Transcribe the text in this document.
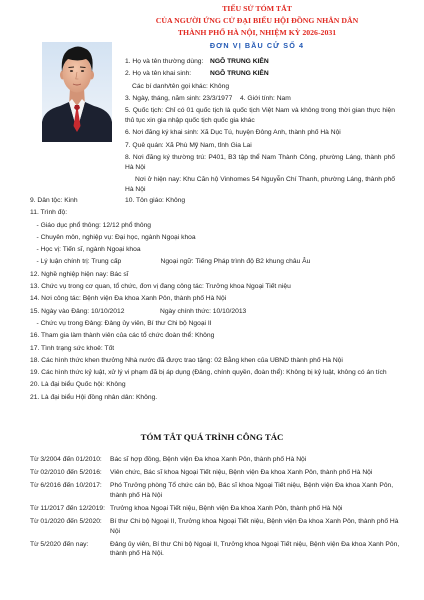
TIỂU SỬ TÓM TẮT
CỦA NGƯỜI ỨNG CỬ ĐẠI BIỂU HỘI ĐỒNG NHÂN DÂN
THÀNH PHỐ HÀ NỘI, NHIỆM KỲ 2026-2031
ĐƠN VỊ BẦU CỬ SỐ 4
1. Họ và tên thường dùng: NGÔ TRUNG KIÊN
2. Họ và tên khai sinh:	NGÔ TRUNG KIÊN
Các bí danh/tên gọi khác: Không
3. Ngày, tháng, năm sinh: 23/3/1977 4. Giới tính: Nam
5. Quốc tịch: Chỉ có 01 quốc tịch là quốc tịch Việt Nam và không trong thời gian thực hiện thủ tục xin gia nhập quốc tịch quốc gia khác
6. Nơi đăng ký khai sinh: Xã Dục Tú, huyện Đông Anh, thành phố Hà Nội
7. Quê quán: Xã Phù Mỹ Nam, tỉnh Gia Lai
8. Nơi đăng ký thường trú: P401, B3 tập thể Nam Thành Công, phường Láng, thành phố Hà Nội
Nơi ở hiện nay: Khu Căn hộ Vinhomes 54 Nguyễn Chí Thanh, phường Láng, thành phố Hà Nội
9. Dân tộc: Kinh	10. Tôn giáo: Không
11. Trình độ:
- Giáo dục phổ thông: 12/12 phổ thông
- Chuyên môn, nghiệp vụ: Đại học, ngành Ngoại khoa
- Học vị: Tiến sĩ, ngành Ngoại khoa
- Lý luận chính trị: Trung cấp	Ngoại ngữ: Tiếng Pháp trình độ B2 khung châu Âu
12. Nghề nghiệp hiện nay: Bác sĩ
13. Chức vụ trong cơ quan, tổ chức, đơn vị đang công tác: Trưởng khoa Ngoại Tiết niệu
14. Nơi công tác: Bệnh viện Đa khoa Xanh Pôn, thành phố Hà Nội
15. Ngày vào Đảng: 10/10/2012	Ngày chính thức: 10/10/2013
- Chức vụ trong Đảng: Đảng ủy viên, Bí thư Chi bộ Ngoại II
16. Tham gia làm thành viên của các tổ chức đoàn thể: Không
17. Tình trạng sức khoẻ: Tốt
18. Các hình thức khen thưởng Nhà nước đã được trao tặng: 02 Bằng khen của UBND thành phố Hà Nội
19. Các hình thức kỷ luật, xử lý vi phạm đã bị áp dụng (Đảng, chính quyền, đoàn thể): Không bị kỷ luật, không có án tích
20. Là đại biểu Quốc hội: Không
21. Là đại biểu Hội đồng nhân dân: Không.
TÓM TẮT QUÁ TRÌNH CÔNG TÁC
Từ 3/2004 đến 01/2010:	Bác sĩ hợp đồng, Bệnh viện Đa khoa Xanh Pôn, thành phố Hà Nội
Từ 02/2010 đến 5/2016:	Viên chức, Bác sĩ khoa Ngoại Tiết niệu, Bệnh viện Đa khoa Xanh Pôn, thành phố Hà Nội
Từ 6/2016 đến 10/2017:	Phó Trưởng phòng Tổ chức cán bộ, Bác sĩ khoa Ngoại Tiết niệu, Bệnh viện Đa khoa Xanh Pôn, thành phố Hà Nội
Từ 11/2017 đến 12/2019: Trưởng khoa Ngoại Tiết niệu, Bệnh viện Đa khoa Xanh Pôn, thành phố Hà Nội
Từ 01/2020 đến 5/2020:	Bí thư Chi bộ Ngoại II, Trưởng khoa Ngoại Tiết niệu, Bệnh viện Đa khoa Xanh Pôn, thành phố Hà Nội
Từ 5/2020 đến nay:	Đảng ủy viên, Bí thư Chi bộ Ngoại II, Trưởng khoa Ngoại Tiết niệu, Bệnh viện Đa khoa Xanh Pôn, thành phố Hà Nội.
